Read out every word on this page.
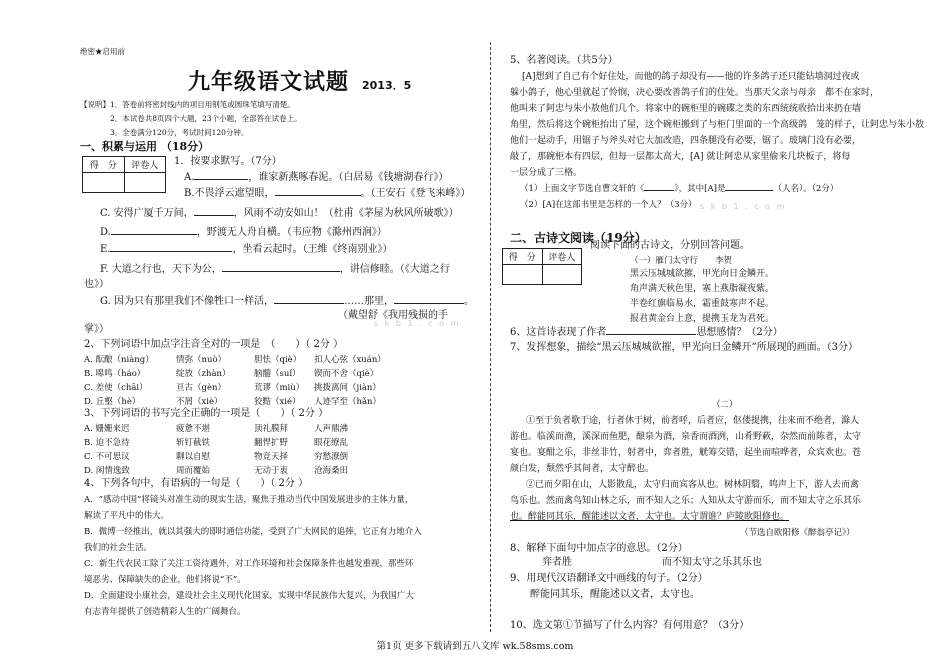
绝密★启用前
九年级语文试题 2013．5
【说明】1．答卷前将密封线内的项目用钢笔或圆珠笔填写清楚。
2．本试卷共8页四个大题，23个小题，全部答在试卷上。
3．全卷满分120分，考试时间120分钟。
一、积累与运用 （18分）
得　分	评卷人
	1．按要求默写。（7分）
A.	，谁家新燕啄春泥。（白居易《钱塘湖春行》）
B.不畏浮云遮望眼，	。（王安石《登飞来峰》）
C. 安得广厦千万间，	，风雨不动安如山！（杜甫《茅屋为秋风所破歌》）
D.	，野渡无人舟自横。（韦应物《滁州西涧》）
E.	，坐看云起时。（王维《终南别业》）
F. 大道之行也，天下为公，	，讲信修睦。（《大道之行
也》）
G. 因为只有那里我们不像牲口一样活，	……那里，	。
（戴望舒《我用残损的手
掌》）
2、下列词语中加点字注音全对的一项是　（　　）（ 2分 ）
A. 酝酿（niàng）	情弥（nuò）	胆怯（qiè） 扣人心弦（xuán）
B. 嗥鸣（háo）	绽放（zhàn）	脑髓（suǐ） 锲而不舍（qiè）
C. 差使（chāi）	亘古（gèn）	荒谬（miù） 挑拨离间（jiàn）
D. 丘壑（hè）	不屑（xiè）	狡黠（xié） 人迹罕至（hǎn）
3、下列词语的书写完全正确的一项是（　　）（ 2分 ）
A. 姗姗来迟	疲惫不堪	顶礼膜拜	人声鼎沸
B. 迫不急待	斩钉截铁	翻悍扩野	眼花缭乱
C. 不可思议	聊以自慰	物竞天择	穷愁潦倒
D. 闲情逸致	周而覆始	无动于衷	沧海桑田
4、下列各句中，有语病的一句是（　　）（ 2分 ）
A．“感动中国”将镜头对准生动的现实生活，聚焦于推动当代中国发展进步的主体力量，
解读了平凡中的伟大。
B．微博一经推出，就以其强大的即时通信功能，受到了广大网民的追捧，它正有力地介入
我们的社会生活。
C．新生代农民工除了关注工资待遇外，对工作环境和社会保障条件也越发重视，那些环
境恶劣、保障缺失的企业，他们将说“不”。
D．全面建设小康社会，建设社会主义现代化国家，实现中华民族伟大复兴，为我国广大
有志青年提供了创造精彩人生的广阔舞台。
5、名著阅读。（共5分）
[A]想到了自己有个好住处，而他的鸽子却没有——他的许多鸽子还只能钻墙洞过夜或
躲小鸽子，他心里就起了怜悯，决心要改善鸽子们的住处。当那天父亲与母亲　都不在家时，
他叫来了阿忠与朱小敖他们几个。将家中的碗柜里的碗碟之类的东西统统收拾出来扔在墙
角里，然后将这个碗柜抬出了屋，这个碗柜搬到了与柜门里面的一个高级鸽　笼的样子，让阿忠与朱小敖
他们一起动手，用锯子与斧头对它大加改造，四条腿没有必要，锯了。玻璃门没有必要，
敲了，那碗柜本有四层，但每一层都太高大，[A] 就让阿忠从家里偷来几块板子，将每
一层分成了三格。
（1）上面文字节选自曹文轩的《	》，其中[A]是	（人名）。（2分）
（2）[A]在这部书里是怎样的一个人？（3分）
二、古诗文阅读（19分）
得　分	评卷人

阅读下面的古诗文，分别回答问题。
（一）雁门太守行　　李贺
黑云压城城欲摧，甲光向日金鳞开。
角声满天秋色里，塞上燕脂凝夜紫。
半卷红旗临易水，霜重鼓寒声不起。
报君黄金台上意，提携玉龙为君死。
6、这首诗表现了作者	思想感情？（2分）
7、发挥想象，描绘“黑云压城城欲摧，甲光向日金鳞开”所展现的画面。（3分）
（二）
①至于负者歌于途，行者休于树，前者呼，后者应，伛偻提携，往来而不绝者，滁人
游也。临溪而渔，溪深而鱼肥，酿泉为酒，泉香而酒洌，山肴野蔌，杂然而前陈者，太守
宴也。宴酣之乐，非丝非竹，射者中，弈者胜，觥筹交错，起坐而喧哗者，众宾欢也。苍
颜白发，颓然乎其间者，太守醉也。
②已而夕阳在山，人影散乱，太守归而宾客从也。树林阴翳，鸣声上下，游人去而禽
鸟乐也。然而禽鸟知山林之乐，而不知人之乐；人知从太守游而乐，而不知太守之乐其乐
也。醉能同其乐，醒能述以文者，太守也。太守谓谁？庐陵欧阳修也。
（节选自欧阳修《醉翁亭记》）
8、解释下面句中加点字的意思。（2分）
弈者胜	而不知太守之乐其乐也
9、用现代汉语翻译文中画线的句子。（2分）
醉能同其乐，醒能述以文者，太守也。
10、选文第①节描写了什么内容？有何用意？（3分）
s k b 1 . c o m
s k b 1 . c o m
第1页 更多下载请到五八文库 wk.58sms.com
